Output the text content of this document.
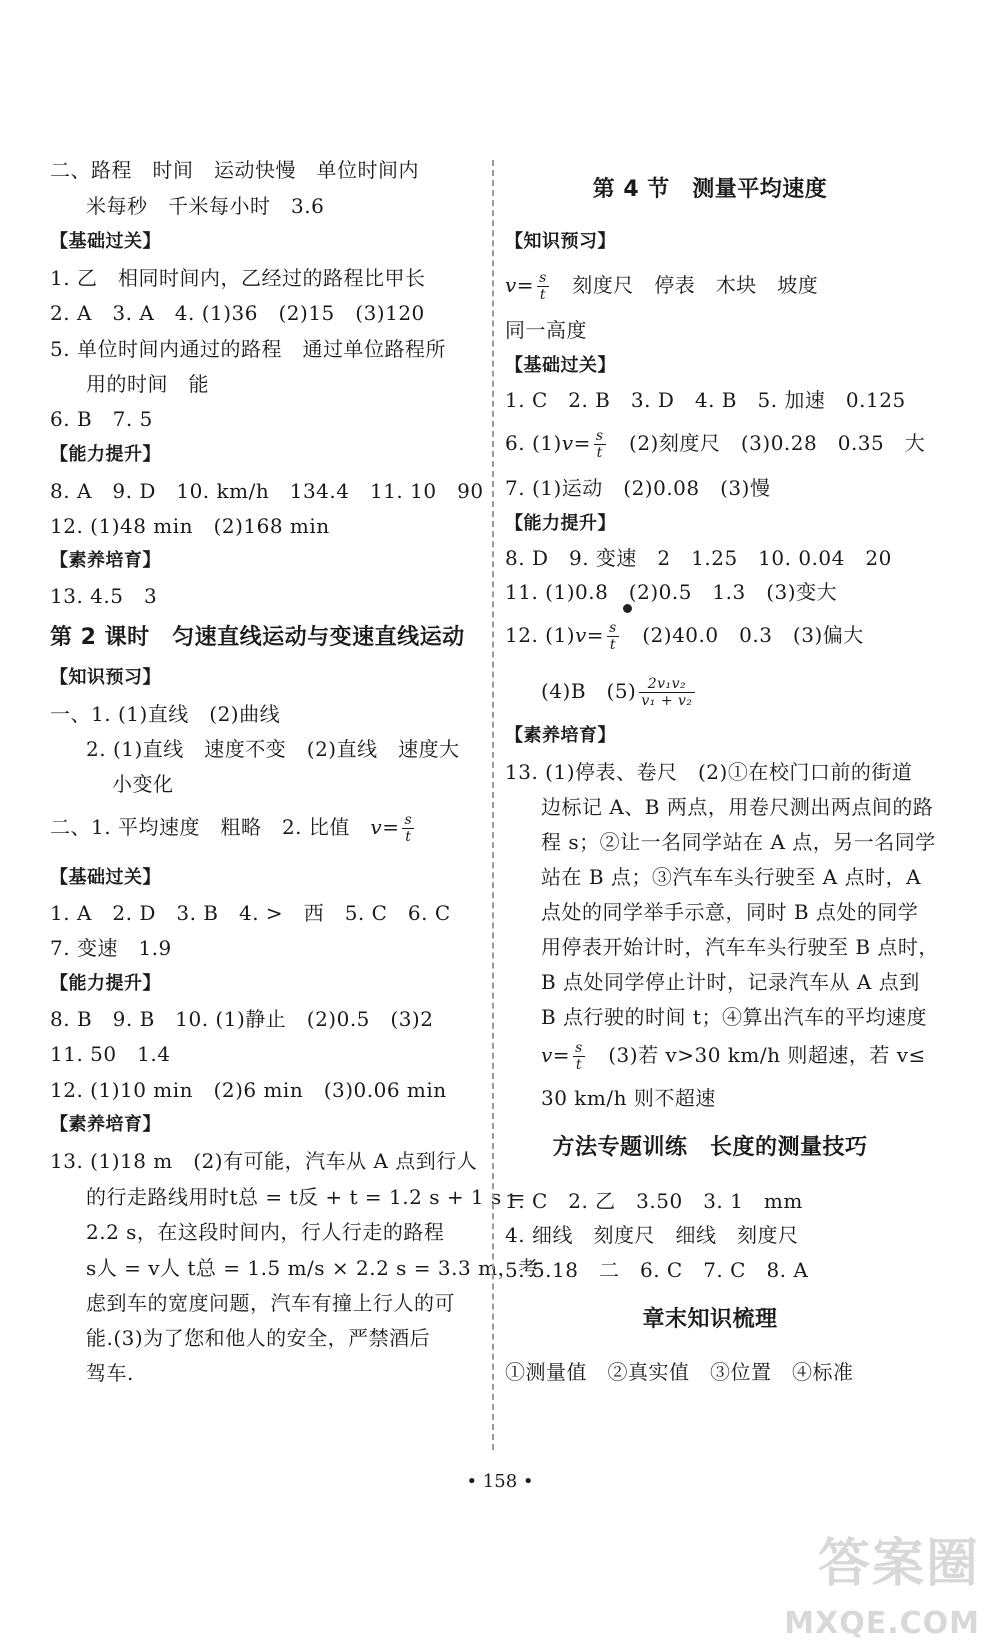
二、路程　时间　运动快慢　单位时间内
米每秒　千米每小时　3.6
【基础过关】
1. 乙　相同时间内，乙经过的路程比甲长
2. A　3. A　4. (1)36　(2)15　(3)120
5. 单位时间内通过的路程　通过单位路程所
用的时间　能
6. B　7. 5
【能力提升】
8. A　9. D　10. km/h　134.4　11. 10　90
12. (1)48 min　(2)168 min
【素养培育】
13. 4.5　3
第 2 课时　匀速直线运动与变速直线运动
【知识预习】
一、1. (1)直线　(2)曲线
2. (1)直线　速度不变　(2)直线　速度大
小变化
二、1. 平均速度　粗略　2. 比值　$v= \frac{s}{t}$
【基础过关】
1. A　2. D　3. B　4. >　西　5. C　6. C
7. 变速　1.9
【能力提升】
8. B　9. B　10. (1)静止　(2)0.5　(3)2
11. 50　1.4
12. (1)10 min　(2)6 min　(3)0.06 min
【素养培育】
13. (1)18 m　(2)有可能，汽车从 A 点到行人
的行走路线用时t总 = t反 + t = 1.2 s + 1 s =
2.2 s，在这段时间内，行人行走的路程
s人 = v人 t总 = 1.5 m/s × 2.2 s = 3.3 m，考
虑到车的宽度问题，汽车有撞上行人的可
能.(3)为了您和他人的安全，严禁酒后
驾车.
第 4 节　测量平均速度
【知识预习】
$v= \frac{s}{t}$ 　刻度尺　停表　木块　坡度
同一高度
【基础过关】
1. C　2. B　3. D　4. B　5. 加速　0.125
6. $(1)v= \frac{s}{t}$ 　(2)刻度尺　(3)0.28　0.35　大
7. (1)运动　(2)0.08　(3)慢
【能力提升】
8. D　9. 变速　2　1.25　10. 0.04　20
11. (1)0.8　(2)0.5　1.3　(3)变大
12. $(1)v= \frac{s}{t}$ 　(2)40.0　0.3　(3)偏大
(4)B　$(5) \frac{\text{2v₁v₂}}{\text{v₁ + v₂}}$
【素养培育】
13. (1)停表、卷尺　(2)①在校门口前的街道
边标记 A、B 两点，用卷尺测出两点间的路
程 s；②让一名同学站在 A 点，另一名同学
站在 B 点；③汽车车头行驶至 A 点时，A
点处的同学举手示意，同时 B 点处的同学
用停表开始计时，汽车车头行驶至 B 点时，
B 点处同学停止计时，记录汽车从 A 点到
B 点行驶的时间 t；④算出汽车的平均速度
$v= \frac{s}{t}$ 　(3)若 v>30 km/h 则超速，若 v≤
30 km/h 则不超速
方法专题训练　长度的测量技巧
1. C　2. 乙　3.50　3. 1　mm
4. 细线　刻度尺　细线　刻度尺
5. 5.18　二　6. C　7. C　8. A
章末知识梳理
①测量值　②真实值　③位置　④标准
• 158 •
答案圈
MXQE.COM
